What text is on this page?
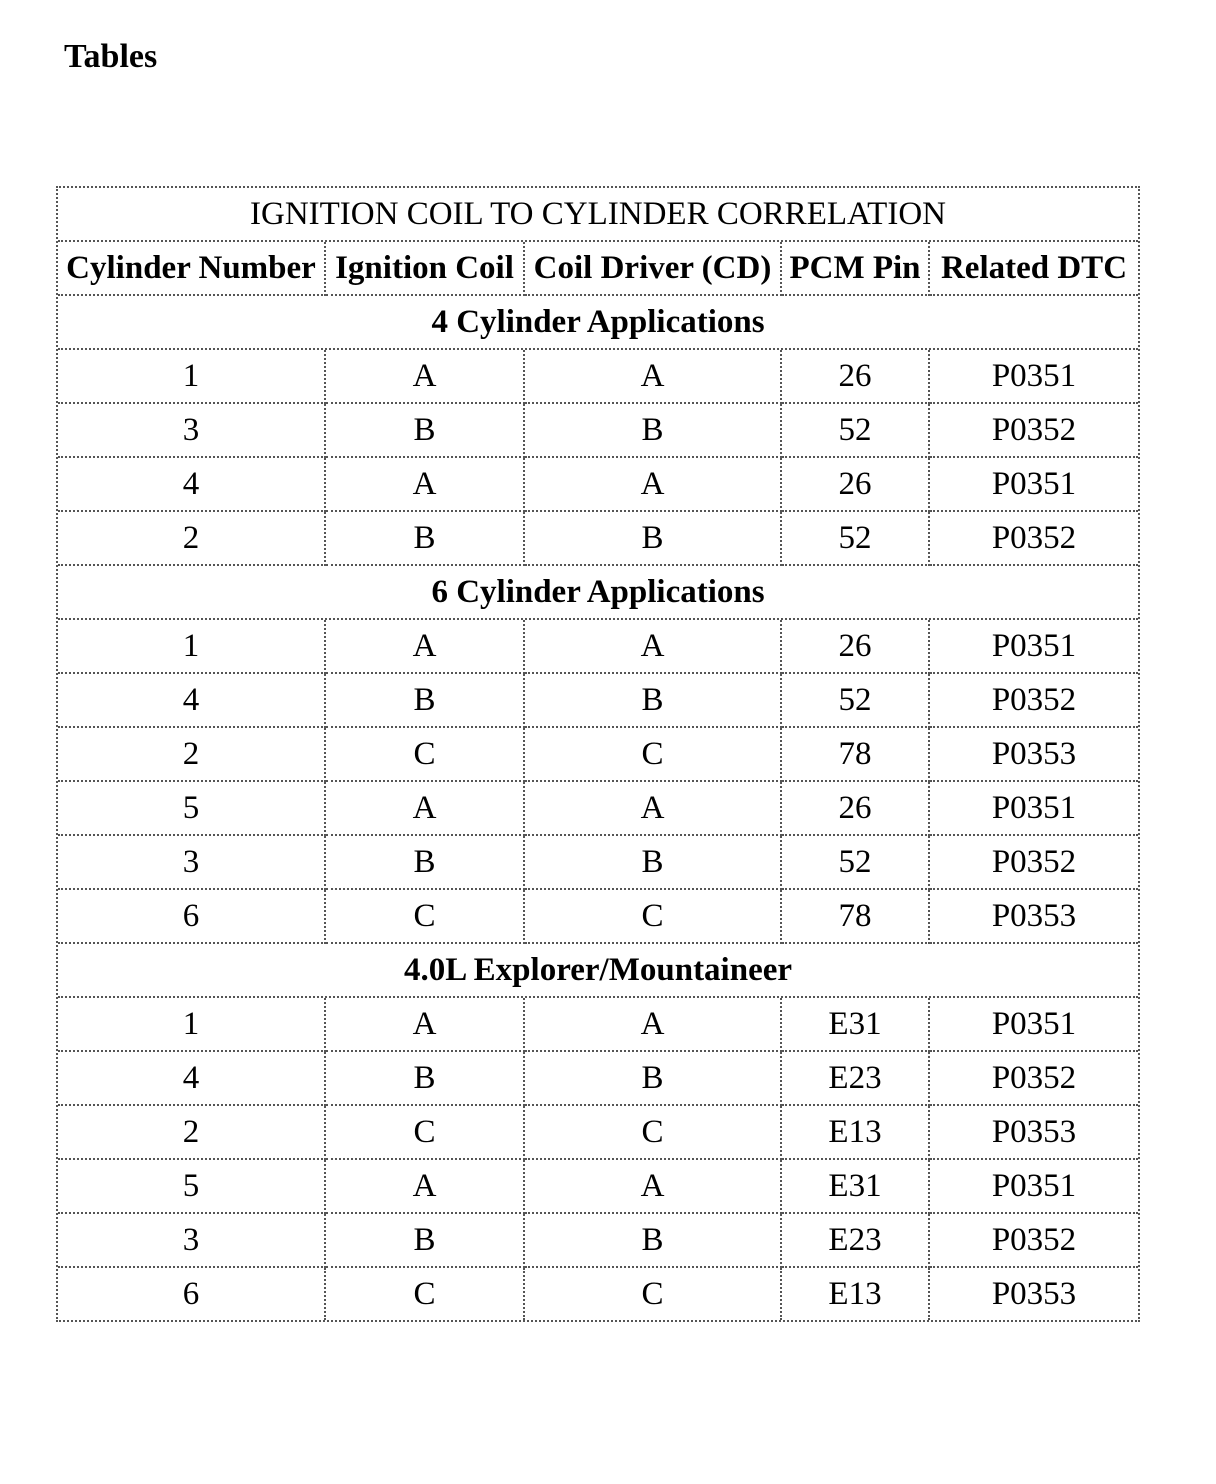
Tables
IGNITION COIL TO CYLINDER CORRELATION				
Cylinder Number	Ignition Coil	Coil Driver (CD)	PCM Pin	Related DTC
4 Cylinder Applications				
1	A	A	26	P0351
3	B	B	52	P0352
4	A	A	26	P0351
2	B	B	52	P0352
6 Cylinder Applications				
1	A	A	26	P0351
4	B	B	52	P0352
2	C	C	78	P0353
5	A	A	26	P0351
3	B	B	52	P0352
6	C	C	78	P0353
4.0L Explorer/Mountaineer				
1	A	A	E31	P0351
4	B	B	E23	P0352
2	C	C	E13	P0353
5	A	A	E31	P0351
3	B	B	E23	P0352
6	C	C	E13	P0353
